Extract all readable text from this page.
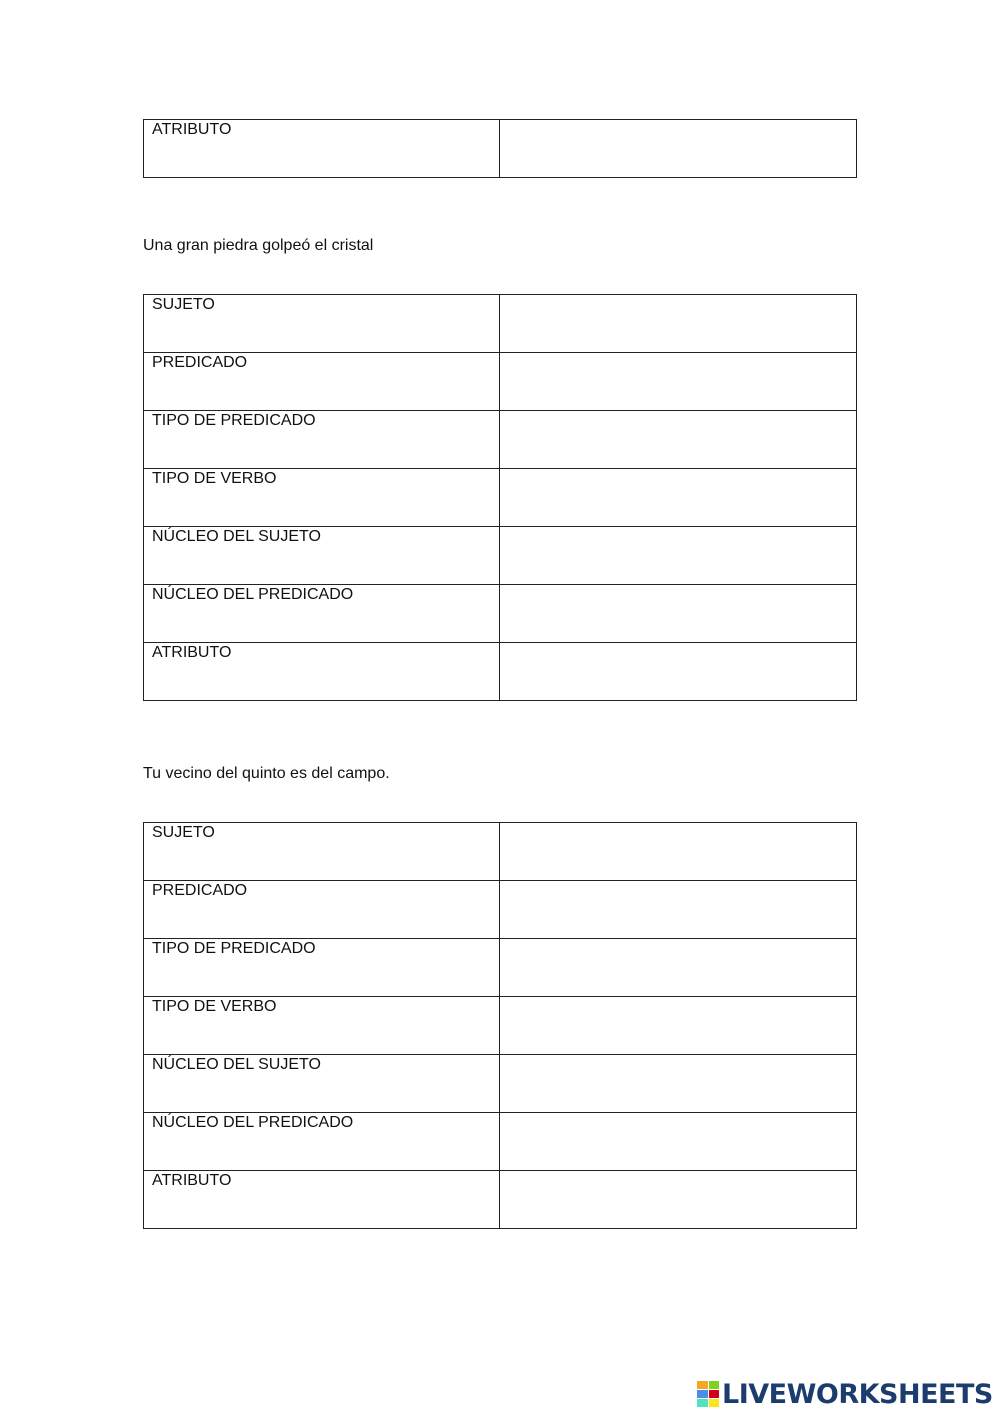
ATRIBUTO	
Una gran piedra golpeó el cristal
SUJETO	
PREDICADO	
TIPO DE PREDICADO	
TIPO DE VERBO	
NÚCLEO DEL SUJETO	
NÚCLEO DEL PREDICADO	
ATRIBUTO	
Tu vecino del quinto es del campo.
SUJETO	
PREDICADO	
TIPO DE PREDICADO	
TIPO DE VERBO	
NÚCLEO DEL SUJETO	
NÚCLEO DEL PREDICADO	
ATRIBUTO	
LIVEWORKSHEETS
